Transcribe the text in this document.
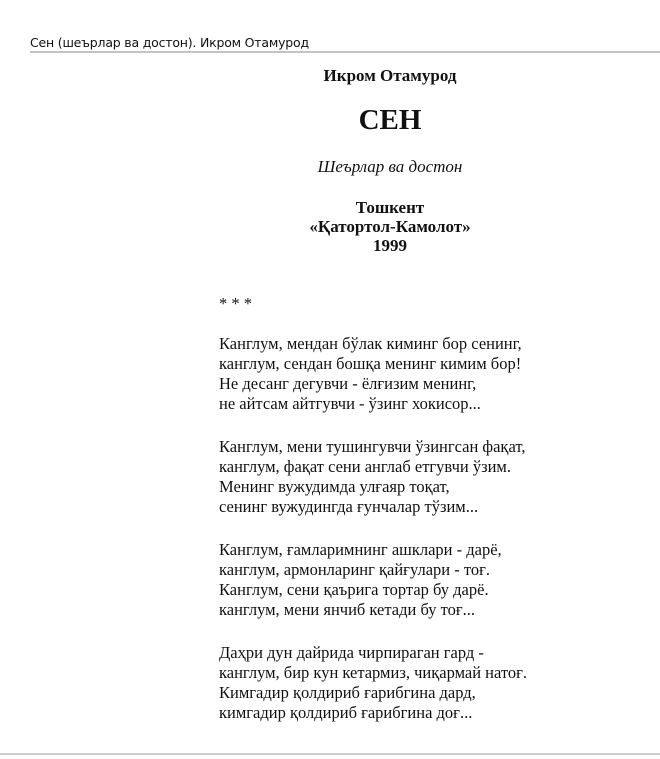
Сен (шеърлар ва достон). Икром Отамурод
Икром Отамурод
СЕН
Шеърлар ва достон
Тошкент
«Қатортол-Камолот»
1999
* * *
Канглум, мендан бўлак киминг бор сенинг,
канглум, сендан бошқа менинг кимим бор!
Не десанг дегувчи - ёлғизим менинг,
не айтсам айтгувчи - ўзинг хокисор...
Канглум, мени тушингувчи ўзингсан фақат,
канглум, фақат сени англаб етгувчи ўзим.
Менинг вужудимда улғаяр тоқат,
сенинг вужудингда ғунчалар тўзим...
Канглум, ғамларимнинг ашклари - дарё,
канглум, армонларинг қайғулари - тоғ.
Канглум, сени қаърига тортар бу дарё.
канглум, мени янчиб кетади бу тоғ...
Даҳри дун дайрида чирпираган гард -
канглум, бир кун кетармиз, чиқармай натоғ.
Кимгадир қолдириб ғарибгина дард,
кимгадир қолдириб ғарибгина доғ...
